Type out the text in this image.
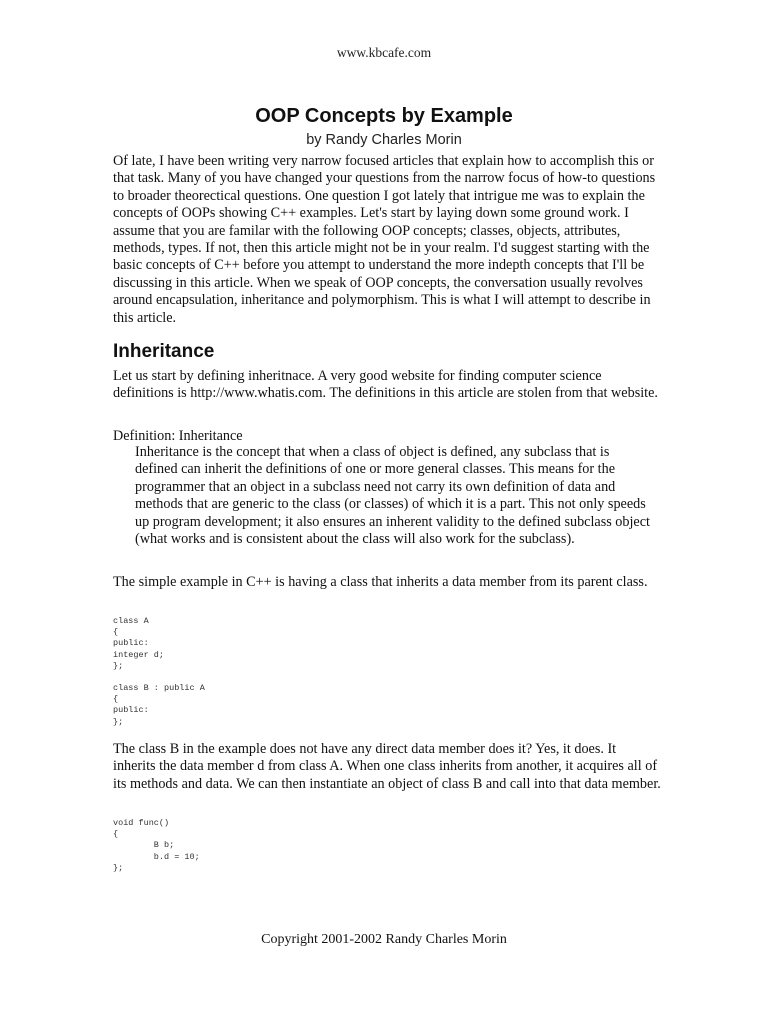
www.kbcafe.com
OOP Concepts by Example
by Randy Charles Morin

Of late, I have been writing very narrow focused articles that explain how to accomplish this or that task. Many of you have changed your questions from the narrow focus of how-to questions to broader theorectical questions. One question I got lately that intrigue me was to explain the concepts of OOPs showing C++ examples. Let's start by laying down some ground work. I assume that you are familar with the following OOP concepts; classes, objects, attributes, methods, types. If not, then this article might not be in your realm. I'd suggest starting with the basic concepts of C++ before you attempt to understand the more indepth concepts that I'll be discussing in this article. When we speak of OOP concepts, the conversation usually revolves around encapsulation, inheritance and polymorphism. This is what I will attempt to describe in this article.

Inheritance

Let us start by defining inheritnace. A very good website for finding computer science definitions is http://www.whatis.com. The definitions in this article are stolen from that website.

Definition: Inheritance

Inheritance is the concept that when a class of object is defined, any subclass that is defined can inherit the definitions of one or more general classes. This means for the programmer that an object in a subclass need not carry its own definition of data and methods that are generic to the class (or classes) of which it is a part. This not only speeds up program development; it also ensures an inherent validity to the defined subclass object (what works and is consistent about the class will also work for the subclass).

The simple example in C++ is having a class that inherits a data member from its parent class.

class A
{
public:
integer d;
};
class B : public A
{
public:
};

The class B in the example does not have any direct data member does it? Yes, it does. It inherits the data member d from class A. When one class inherits from another, it acquires all of its methods and data. We can then instantiate an object of class B and call into that data member.

void func()
{
B b;
b.d = 10;
};
Copyright 2001-2002 Randy Charles Morin
